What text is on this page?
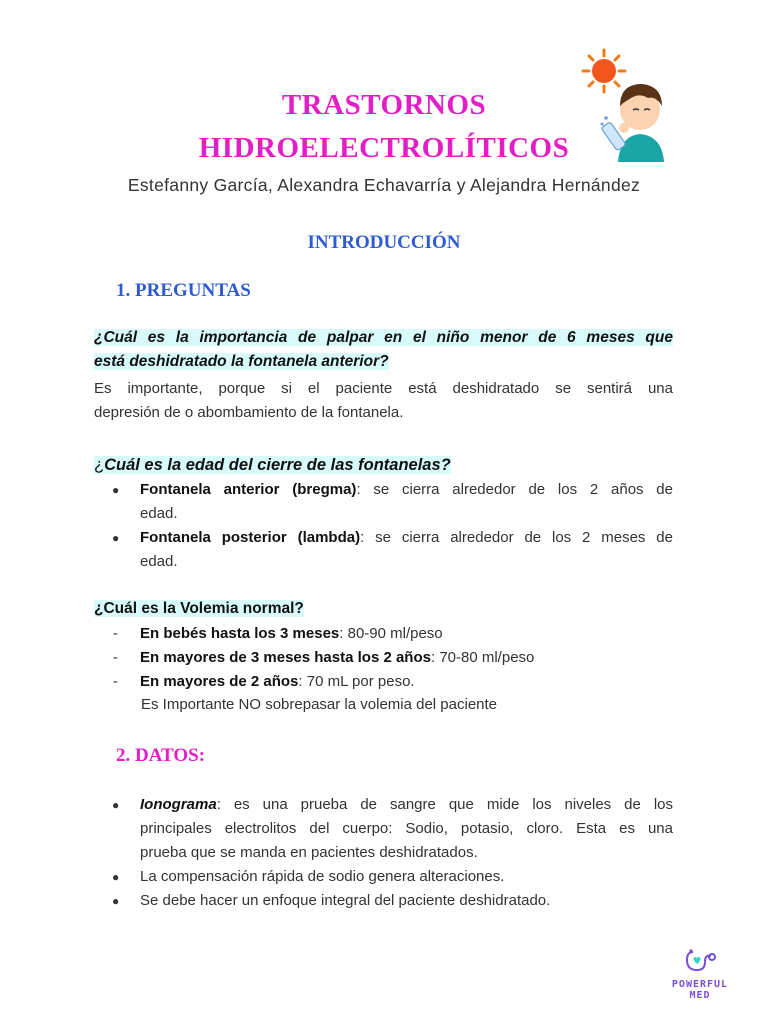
TRASTORNOS
HIDROELECTROLÍTICOS
Estefanny García, Alexandra Echavarría y Alejandra Hernández
INTRODUCCIÓN
1. PREGUNTAS
¿Cuál es la importancia de palpar en el niño menor de 6 meses que
está deshidratado la fontanela anterior?
Es importante, porque si el paciente está deshidratado se sentirá una
depresión de o abombamiento de la fontanela.
¿Cuál es la edad del cierre de las fontanelas?
●	Fontanela anterior (bregma): se cierra alrededor de los 2 años de
edad.
●	Fontanela posterior (lambda): se cierra alrededor de los 2 meses de
edad.
¿Cuál es la Volemia normal?
- En bebés hasta los 3 meses: 80-90 ml/peso
- En mayores de 3 meses hasta los 2 años: 70-80 ml/peso
- En mayores de 2 años: 70 mL por peso.
Es Importante NO sobrepasar la volemia del paciente
2. DATOS:
●	Ionograma: es una prueba de sangre que mide los niveles de los
principales electrolitos del cuerpo: Sodio, potasio, cloro. Esta es una
prueba que se manda en pacientes deshidratados.
●	La compensación rápida de sodio genera alteraciones.
●	Se debe hacer un enfoque integral del paciente deshidratado.
POWERFUL
MED
